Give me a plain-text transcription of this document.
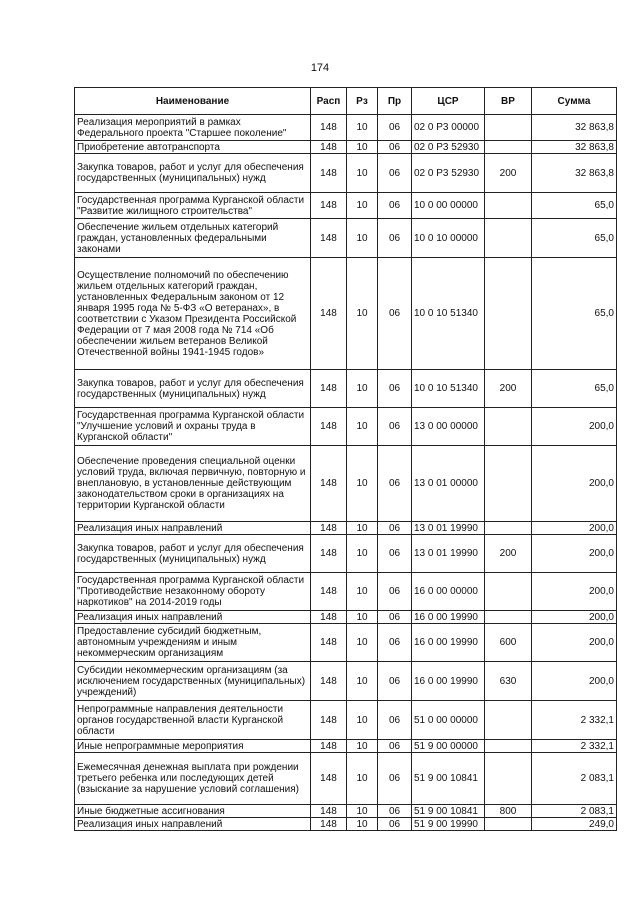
174
Наименование	Расп	Рз	Пр	ЦСР	ВР	Сумма
Реализация мероприятий в рамках Федерального проекта "Старшее поколение"	148	10	06	02 0 P3 00000		32 863,8
Приобретение автотранспорта	148	10	06	02 0 P3 52930		32 863,8
Закупка товаров, работ и услуг для обеспечения государственных (муниципальных) нужд	148	10	06	02 0 P3 52930	200	32 863,8
Государственная программа Курганской области "Развитие жилищного строительства"	148	10	06	10 0 00 00000		65,0
Обеспечение жильем отдельных категорий граждан, установленных федеральными законами	148	10	06	10 0 10 00000		65,0
Осуществление полномочий по обеспечению жильем отдельных категорий граждан, установленных Федеральным законом от 12 января 1995 года № 5-ФЗ «О ветеранах», в соответствии с Указом Президента Российской Федерации от 7 мая 2008 года № 714 «Об обеспечении жильем ветеранов Великой Отечественной войны 1941-1945 годов»	148	10	06	10 0 10 51340		65,0
Закупка товаров, работ и услуг для обеспечения государственных (муниципальных) нужд	148	10	06	10 0 10 51340	200	65,0
Государственная программа Курганской области "Улучшение условий и охраны труда в Курганской области"	148	10	06	13 0 00 00000		200,0
Обеспечение проведения специальной оценки условий труда, включая первичную, повторную и внеплановую, в установленные действующим законодательством сроки в организациях на территории Курганской области	148	10	06	13 0 01 00000		200,0
Реализация иных направлений	148	10	06	13 0 01 19990		200,0
Закупка товаров, работ и услуг для обеспечения государственных (муниципальных) нужд	148	10	06	13 0 01 19990	200	200,0
Государственная программа Курганской области "Противодействие незаконному обороту наркотиков" на 2014-2019 годы	148	10	06	16 0 00 00000		200,0
Реализация иных направлений	148	10	06	16 0 00 19990		200,0
Предоставление субсидий бюджетным, автономным учреждениям и иным некоммерческим организациям	148	10	06	16 0 00 19990	600	200,0
Субсидии некоммерческим организациям (за исключением государственных (муниципальных) учреждений)	148	10	06	16 0 00 19990	630	200,0
Непрограммные направления деятельности органов государственной власти Курганской области	148	10	06	51 0 00 00000		2 332,1
Иные непрограммные мероприятия	148	10	06	51 9 00 00000		2 332,1
Ежемесячная денежная выплата при рождении третьего ребенка или последующих детей (взыскание за нарушение условий соглашения)	148	10	06	51 9 00 10841		2 083,1
Иные бюджетные ассигнования	148	10	06	51 9 00 10841	800	2 083,1
Реализация иных направлений	148	10	06	51 9 00 19990		249,0
